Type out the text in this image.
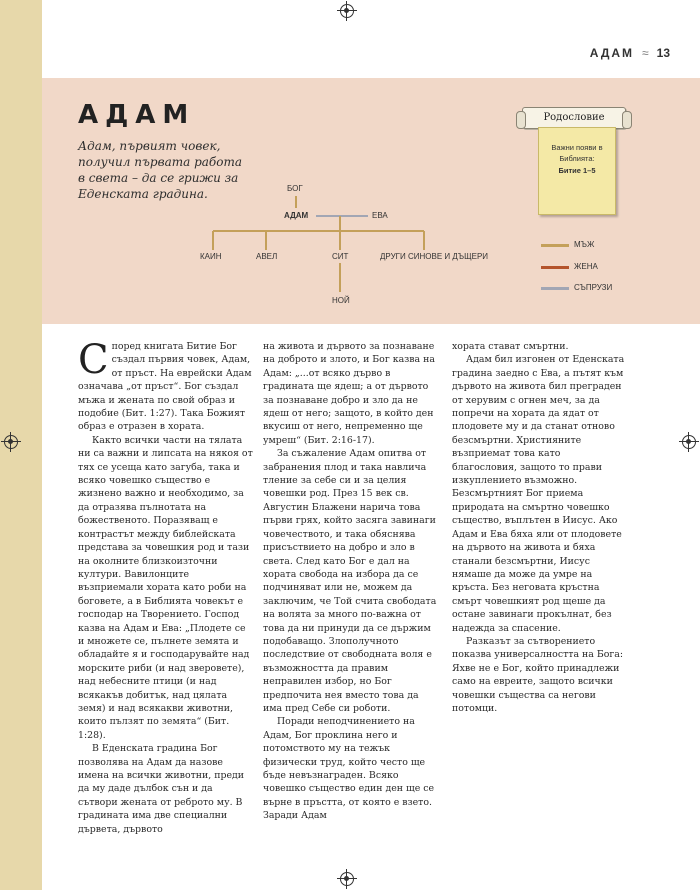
АДАМ ≈ 13
АДАМ
Адам, първият човек, получил първата работа в света – да се грижи за Еденската градина.	БОГ
АДАМ	ЕВА
КАИН	АВЕЛ	СИТ	ДРУГИ СИНОВЕ И ДЪЩЕРИ
НОЙ
Родословие
Важни появи в Библията:
Битие 1–5
МЪЖ
ЖЕНА
СЪПРУЗИ
С поред книгата Битие Бог създал първия човек, Адам, от пръст. На еврейски Адам означава „от пръст“. Бог създал мъжа и жената по свой образ и подобие (Бит. 1:27). Така Божият образ е отразен в хората.

Както всички части на тялата ни са важни и липсата на някоя от тях се усеща като загуба, така и всяко човешко същество е жизнено важно и необходимо, за да отразява пълнотата на божественото. Поразяващ е контрастът между библейската представа за човешкия род и тази на околните близкоизточни култури. Вавилонците възприемали хората като роби на боговете, а в Библията човекът е господар на Творението. Господ казва на Адам и Ева: „Плодете се и множете се, пълнете земята и обладайте я и господарувайте над морските риби (и над зверовете), над небесните птици (и над всякакъв добитък, над цялата земя) и над всякакви животни, които пълзят по земята“ (Бит. 1:28).

В Еденската градина Бог позволява на Адам да назове имена на всички животни, преди да му даде дълбок сън и да сътвори жената от реброто му. В градината има две специални дървета, дървото

на живота и дървото за познаване на доброто и злото, и Бог казва на Адам: „...от всяко дърво в градината ще ядеш; а от дървото за познаване добро и зло да не ядеш от него; защото, в който ден вкусиш от него, непременно ще умреш“ (Бит. 2:16-17).

За съжаление Адам опитва от забранения плод и така навлича тление за себе си и за целия човешки род. През 15 век св. Августин Блажени нарича това първи грях, който засяга завинаги човечеството, и така обяснява присъствието на добро и зло в света. След като Бог е дал на хората свобода на избора да се подчиняват или не, можем да заключим, че Той счита свободата на волята за много по-важна от това да ни принуди да се държим подобаващо. Злополучното последствие от свободната воля е възможността да правим неправилен избор, но Бог предпочита нея вместо това да има пред Себе си роботи.

Поради неподчинението на Адам, Бог проклина него и потомството му на тежък физически труд, който често ще бъде невъзнаграден. Всяко човешко същество един ден ще се върне в пръстта, от която е взето. Заради Адам

хората стават смъртни.

Адам бил изгонен от Еденската градина заедно с Ева, а пътят към дървото на живота бил преграден от херувим с огнен меч, за да попречи на хората да ядат от плодовете му и да станат отново безсмъртни. Християните възприемат това като благословия, защото то прави изкуплението възможно. Безсмъртният Бог приема природата на смъртно човешко същество, въплътен в Иисус. Ако Адам и Ева бяха яли от плодовете на дървото на живота и бяха станали безсмъртни, Иисус нямаше да може да умре на кръста. Без неговата кръстна смърт човешкият род щеше да остане завинаги прокълнат, без надежда за спасение.

Разказът за сътворението показва универсалността на Бога: Яхве не е Бог, който принадлежи само на евреите, защото всички човешки същества са негови потомци.
